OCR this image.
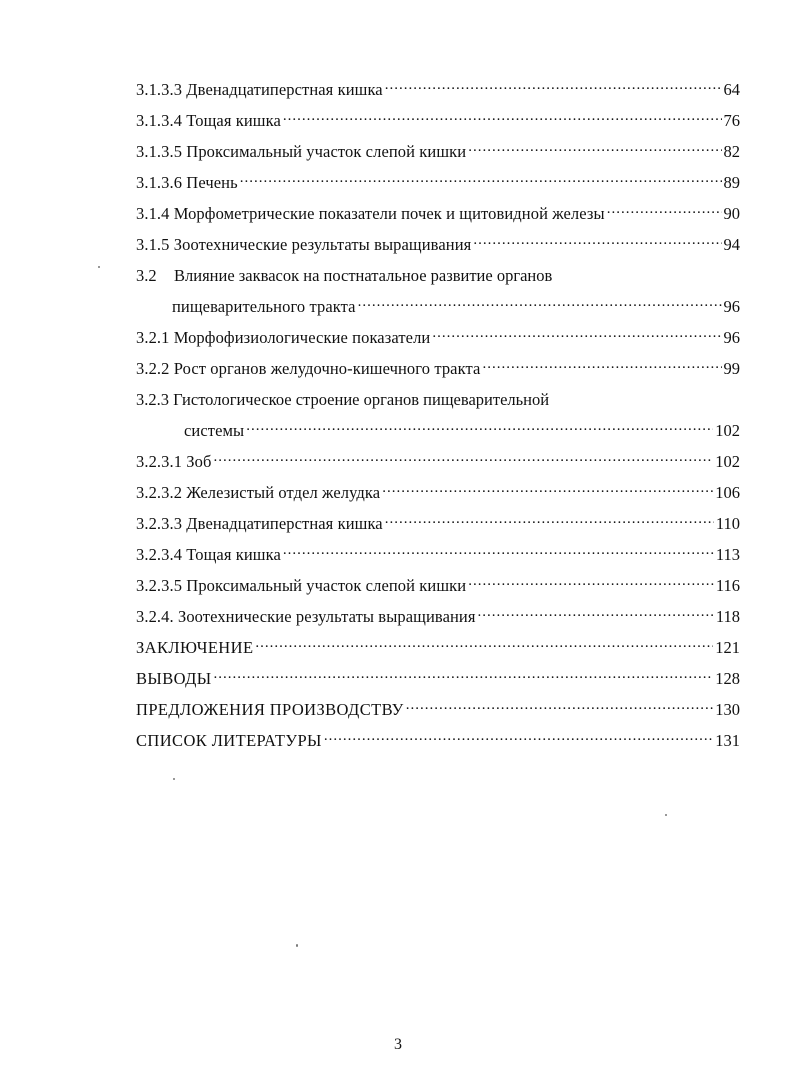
3.1.3.3 Двенадцатиперстная кишка .....	64
3.1.3.4 Тощая кишка .....	76
3.1.3.5 Проксимальный участок слепой кишки .....	82
3.1.3.6 Печень .....	89
3.1.4 Морфометрические показатели почек и щитовидной железы .....	90
3.1.5 Зоотехнические результаты выращивания .....	94
3.2 Влияние заквасок на постнатальное развитие органов
пищеварительного тракта .....	96
3.2.1 Морфофизиологические показатели .....	96
3.2.2 Рост органов желудочно-кишечного тракта .....	99
3.2.3 Гистологическое строение органов пищеварительной
системы .....	102
3.2.3.1 Зоб .....	102
3.2.3.2 Железистый отдел желудка .....	106
3.2.3.3 Двенадцатиперстная кишка .....	110
3.2.3.4 Тощая кишка .....	113
3.2.3.5 Проксимальный участок слепой кишки .....	116
3.2.4. Зоотехнические результаты выращивания .....	118
ЗАКЛЮЧЕНИЕ .....	121
ВЫВОДЫ .....	128
ПРЕДЛОЖЕНИЯ ПРОИЗВОДСТВУ .....	130
СПИСОК ЛИТЕРАТУРЫ .....	131
3
